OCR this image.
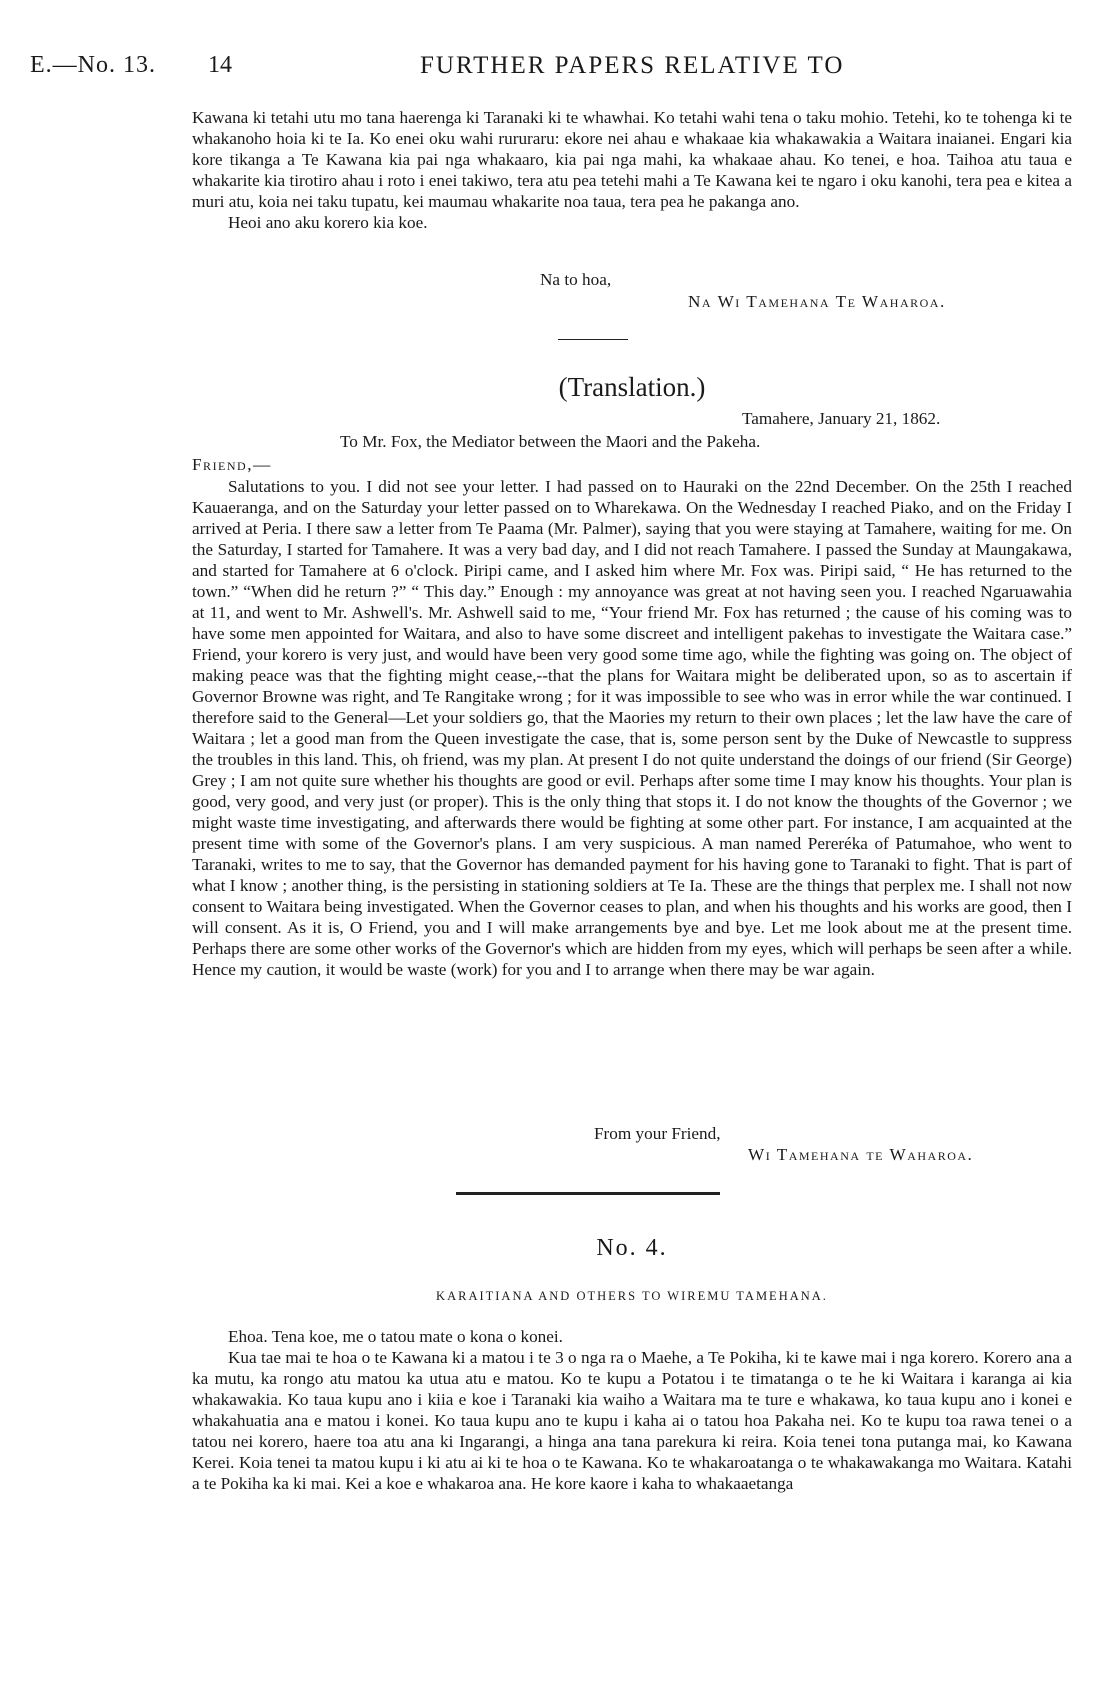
E.—No. 13. 14	FURTHER PAPERS RELATIVE TO

Kawana ki tetahi utu mo tana haerenga ki Taranaki ki te whawhai. Ko tetahi wahi tena o taku mohio. Tetehi, ko te tohenga ki te whakanoho hoia ki te Ia. Ko enei oku wahi rururaru: ekore nei ahau e whakaae kia whakawakia a Waitara inaianei. Engari kia kore tikanga a Te Kawana kia pai nga whakaaro, kia pai nga mahi, ka whakaae ahau. Ko tenei, e hoa. Taihoa atu taua e whakarite kia tirotiro ahau i roto i enei takiwo, tera atu pea tetehi mahi a Te Kawana kei te ngaro i oku kanohi, tera pea e kitea a muri atu, koia nei taku tupatu, kei maumau whakarite noa taua, tera pea he pakanga ano.

Heoi ano aku korero kia koe.

Na to hoa,
Na Wi Tamehana Te Waharoa.
(Translation.)
Tamahere, January 21, 1862.
To Mr. Fox, the Mediator between the Maori and the Pakeha.
Friend,—

Salutations to you. I did not see your letter. I had passed on to Hauraki on the 22nd December. On the 25th I reached Kauaeranga, and on the Saturday your letter passed on to Wharekawa. On the Wednesday I reached Piako, and on the Friday I arrived at Peria. I there saw a letter from Te Paama (Mr. Palmer), saying that you were staying at Tamahere, waiting for me. On the Saturday, I started for Tamahere. It was a very bad day, and I did not reach Tamahere. I passed the Sunday at Maungakawa, and started for Tamahere at 6 o'clock. Piripi came, and I asked him where Mr. Fox was. Piripi said, “ He has returned to the town.” “When did he return ?” “ This day.” Enough : my annoyance was great at not having seen you. I reached Ngaruawahia at 11, and went to Mr. Ashwell's. Mr. Ashwell said to me, “Your friend Mr. Fox has returned ; the cause of his coming was to have some men appointed for Waitara, and also to have some discreet and intelligent pakehas to investigate the Waitara case.” Friend, your korero is very just, and would have been very good some time ago, while the fighting was going on. The object of making peace was that the fighting might cease,--that the plans for Waitara might be deliberated upon, so as to ascertain if Governor Browne was right, and Te Rangitake wrong ; for it was impossible to see who was in error while the war continued. I therefore said to the General—Let your soldiers go, that the Maories my return to their own places ; let the law have the care of Waitara ; let a good man from the Queen investigate the case, that is, some person sent by the Duke of Newcastle to suppress the troubles in this land. This, oh friend, was my plan. At present I do not quite understand the doings of our friend (Sir George) Grey ; I am not quite sure whether his thoughts are good or evil. Perhaps after some time I may know his thoughts. Your plan is good, very good, and very just (or proper). This is the only thing that stops it. I do not know the thoughts of the Governor ; we might waste time investigating, and afterwards there would be fighting at some other part. For instance, I am acquainted at the present time with some of the Governor's plans. I am very suspicious. A man named Pereréka of Patumahoe, who went to Taranaki, writes to me to say, that the Governor has demanded payment for his having gone to Taranaki to fight. That is part of what I know ; another thing, is the persisting in stationing soldiers at Te Ia. These are the things that perplex me. I shall not now consent to Waitara being investigated. When the Governor ceases to plan, and when his thoughts and his works are good, then I will consent. As it is, O Friend, you and I will make arrangements bye and bye. Let me look about me at the present time. Perhaps there are some other works of the Governor's which are hidden from my eyes, which will perhaps be seen after a while. Hence my caution, it would be waste (work) for you and I to arrange when there may be war again.

From your Friend,
Wi Tamehana te Waharoa.
No. 4.
KARAITIANA AND OTHERS TO WIREMU TAMEHANA.

Ehoa. Tena koe, me o tatou mate o kona o konei.

Kua tae mai te hoa o te Kawana ki a matou i te 3 o nga ra o Maehe, a Te Pokiha, ki te kawe mai i nga korero. Korero ana a ka mutu, ka rongo atu matou ka utua atu e matou. Ko te kupu a Potatou i te timatanga o te he ki Waitara i karanga ai kia whakawakia. Ko taua kupu ano i kiia e koe i Taranaki kia waiho a Waitara ma te ture e whakawa, ko taua kupu ano i konei e whakahuatia ana e matou i konei. Ko taua kupu ano te kupu i kaha ai o tatou hoa Pakaha nei. Ko te kupu toa rawa tenei o a tatou nei korero, haere toa atu ana ki Ingarangi, a hinga ana tana parekura ki reira. Koia tenei tona putanga mai, ko Kawana Kerei. Koia tenei ta matou kupu i ki atu ai ki te hoa o te Kawana. Ko te whakaroatanga o te whakawakanga mo Waitara. Katahi a te Pokiha ka ki mai. Kei a koe e whakaroa ana. He kore kaore i kaha to whakaaetanga
